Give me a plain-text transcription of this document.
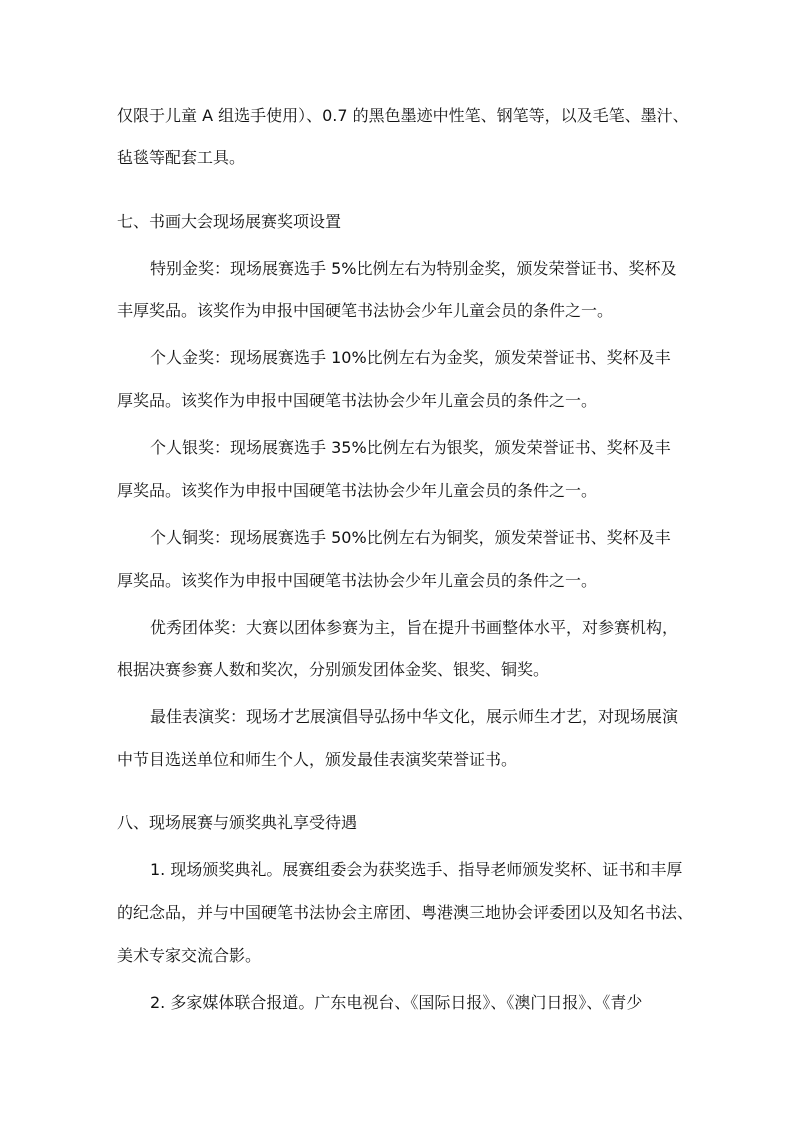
仅限于儿童 A 组选手使用）、0.7 的黑色墨迹中性笔、钢笔等，以及毛笔、墨汁、
毡毯等配套工具。
七、书画大会现场展赛奖项设置
特别金奖：现场展赛选手 5%比例左右为特别金奖，颁发荣誉证书、奖杯及
丰厚奖品。该奖作为申报中国硬笔书法协会少年儿童会员的条件之一。
个人金奖：现场展赛选手 10%比例左右为金奖，颁发荣誉证书、奖杯及丰
厚奖品。该奖作为申报中国硬笔书法协会少年儿童会员的条件之一。
个人银奖：现场展赛选手 35%比例左右为银奖，颁发荣誉证书、奖杯及丰
厚奖品。该奖作为申报中国硬笔书法协会少年儿童会员的条件之一。
个人铜奖：现场展赛选手 50%比例左右为铜奖，颁发荣誉证书、奖杯及丰
厚奖品。该奖作为申报中国硬笔书法协会少年儿童会员的条件之一。
优秀团体奖：大赛以团体参赛为主，旨在提升书画整体水平，对参赛机构，
根据决赛参赛人数和奖次，分别颁发团体金奖、银奖、铜奖。
最佳表演奖：现场才艺展演倡导弘扬中华文化，展示师生才艺，对现场展演
中节目选送单位和师生个人，颁发最佳表演奖荣誉证书。
八、现场展赛与颁奖典礼享受待遇
1. 现场颁奖典礼。展赛组委会为获奖选手、指导老师颁发奖杯、证书和丰厚
的纪念品，并与中国硬笔书法协会主席团、粤港澳三地协会评委团以及知名书法、
美术专家交流合影。
2. 多家媒体联合报道。广东电视台、《国际日报》、《澳门日报》、《青少
